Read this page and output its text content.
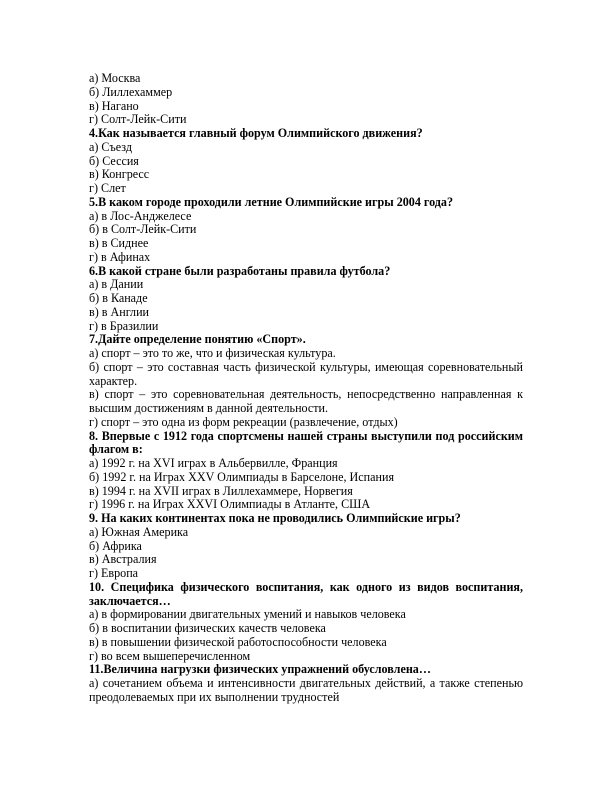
а) Москва
б) Лиллехаммер
в) Нагано
г) Солт-Лейк-Сити
4.Как называется главный форум Олимпийского движения?
а) Съезд
б) Сессия
в) Конгресс
г) Слет
5.В каком городе проходили летние Олимпийские игры 2004 года?
а) в Лос-Анджелесе
б) в Солт-Лейк-Сити
в) в Сиднее
г) в Афинах
6.В какой стране были разработаны правила футбола?
а) в Дании
б) в Канаде
в) в Англии
г) в Бразилии
7.Дайте определение понятию «Спорт».
а) спорт – это то же, что и физическая культура.
б) спорт – это составная часть физической культуры, имеющая соревновательный характер.
в) спорт – это соревновательная деятельность, непосредственно направленная к высшим достижениям в данной деятельности.
г) спорт – это одна из форм рекреации (развлечение, отдых)
8. Впервые с 1912 года спортсмены нашей страны выступили под российским флагом в:
а) 1992 г. на XVI играх в Альбервилле, Франция
б) 1992 г. на Играх XXV Олимпиады в Барселоне, Испания
в) 1994 г. на XVII играх в Лиллехаммере, Норвегия
г) 1996 г. на Играх XXVI Олимпиады в Атланте, США
9. На каких континентах пока не проводились Олимпийские игры?
а) Южная Америка
б) Африка
в) Австралия
г) Европа
10. Специфика физического воспитания, как одного из видов воспитания, заключается…
а) в формировании двигательных умений и навыков человека
б) в воспитании физических качеств человека
в) в повышении физической работоспособности человека
г) во всем вышеперечисленном
11.Величина нагрузки физических упражнений обусловлена…
а) сочетанием объема и интенсивности двигательных действий, а также степенью преодолеваемых при их выполнении трудностей
